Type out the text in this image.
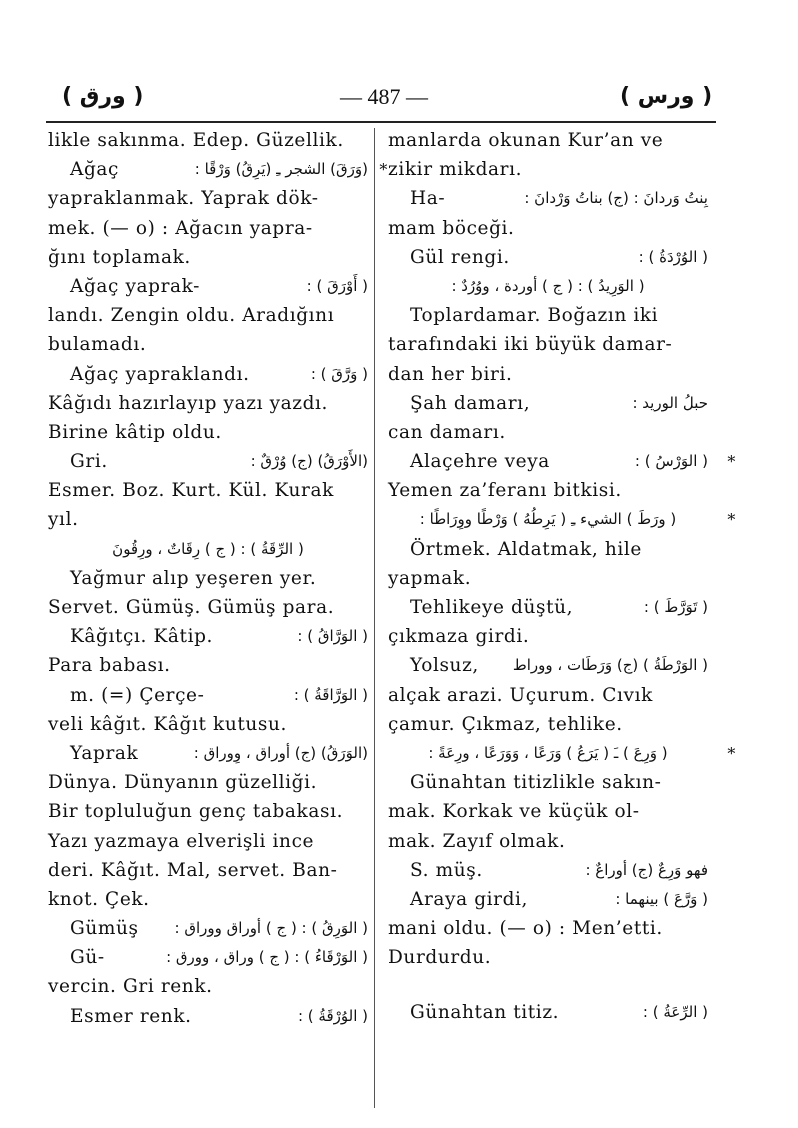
( ورق )	— 487 —	( ورس )
likle sakınma. Edep. Güzellik.
Ağaç	(وَرَقَ) الشجر ـِ (يَرِقُ) وَرْقًا : *
yapraklanmak. Yaprak dök-
mek. (— o) : Ağacın yapra-
ğını toplamak.
Ağaç yaprak-	( أَوْرَقَ ) :
landı. Zengin oldu. Aradığını
bulamadı.
Ağaç yapraklandı.	( وَرَّقَ ) :
Kâğıdı hazırlayıp yazı yazdı.
Birine kâtip oldu.
Gri.	(الأَوْرَقُ) (ج) وُرْقٌ :
Esmer. Boz. Kurt. Kül. Kurak
yıl.
( الرِّقَةُ ) : ( ج ) رِقَاتٌ ، ورِقُونَ
Yağmur alıp yeşeren yer.
Servet. Gümüş. Gümüş para.
Kâğıtçı. Kâtip.	( الوَرَّاقُ ) :
Para babası.
m. (=) Çerçe-	( الوَرَّاقَةُ ) :
veli kâğıt. Kâğıt kutusu.
Yaprak	(الوَرَقُ) (ج) أوراق ، وِوراق :
Dünya. Dünyanın güzelliği.
Bir topluluğun genç tabakası.
Yazı yazmaya elverişli ince
deri. Kâğıt. Mal, servet. Ban-
knot. Çek.
Gümüş ( الوَرِقُ ) : ( ج ) أوراق ووراق :
Gü-	( الوَرْقَاءُ ) : ( ج ) وراق ، وورق :
vercin. Gri renk.
Esmer renk.	( الوُرْقَةُ ) :
manlarda okunan Kur’an ve
zikir mikdarı.
Ha-	بِنتُ وَردانَ : (ج) بناتُ وَرْدانَ :
mam böceği.
Gül rengi.	( الوُرْدَةُ ) :
( الوَرِيدُ ) : ( ج ) أوردة ، ووُرُدٌ :
Toplardamar. Boğazın iki
tarafındaki iki büyük damar-
dan her biri.
Şah damarı,	حبلُ الوريد :
can damarı.
Alaçehre veya	( الوَرْسُ ) : *
Yemen za’feranı bitkisi.
( ورَطَ ) الشيء ـِ ( يَرِطُهُ ) وَرْطًا ووِرَاطًا :	*
Örtmek. Aldatmak, hile
yapmak.
Tehlikeye düştü,	( تَوَرَّطَ ) :
çıkmaza girdi.
Yolsuz, ( الوَرْطَةُ ) (ج) وَرَطَات ، ووراط
alçak arazi. Uçurum. Cıvık
çamur. Çıkmaz, tehlike.
( وَرِعَ ) ـَ ( يَرَعُ ) وَرَعًا ، وَوَرَعًا ، ورِعَةً :	*
Günahtan titizlikle sakın-
mak. Korkak ve küçük ol-
mak. Zayıf olmak.
S. müş.	فهو وَرِعٌ (ج) أوراعٌ :
Araya girdi,	( وَرَّعَ ) بينهما :
mani oldu. (— o) : Men’etti.
Durdurdu.
Günahtan titiz.	( الرِّعَةُ ) :
